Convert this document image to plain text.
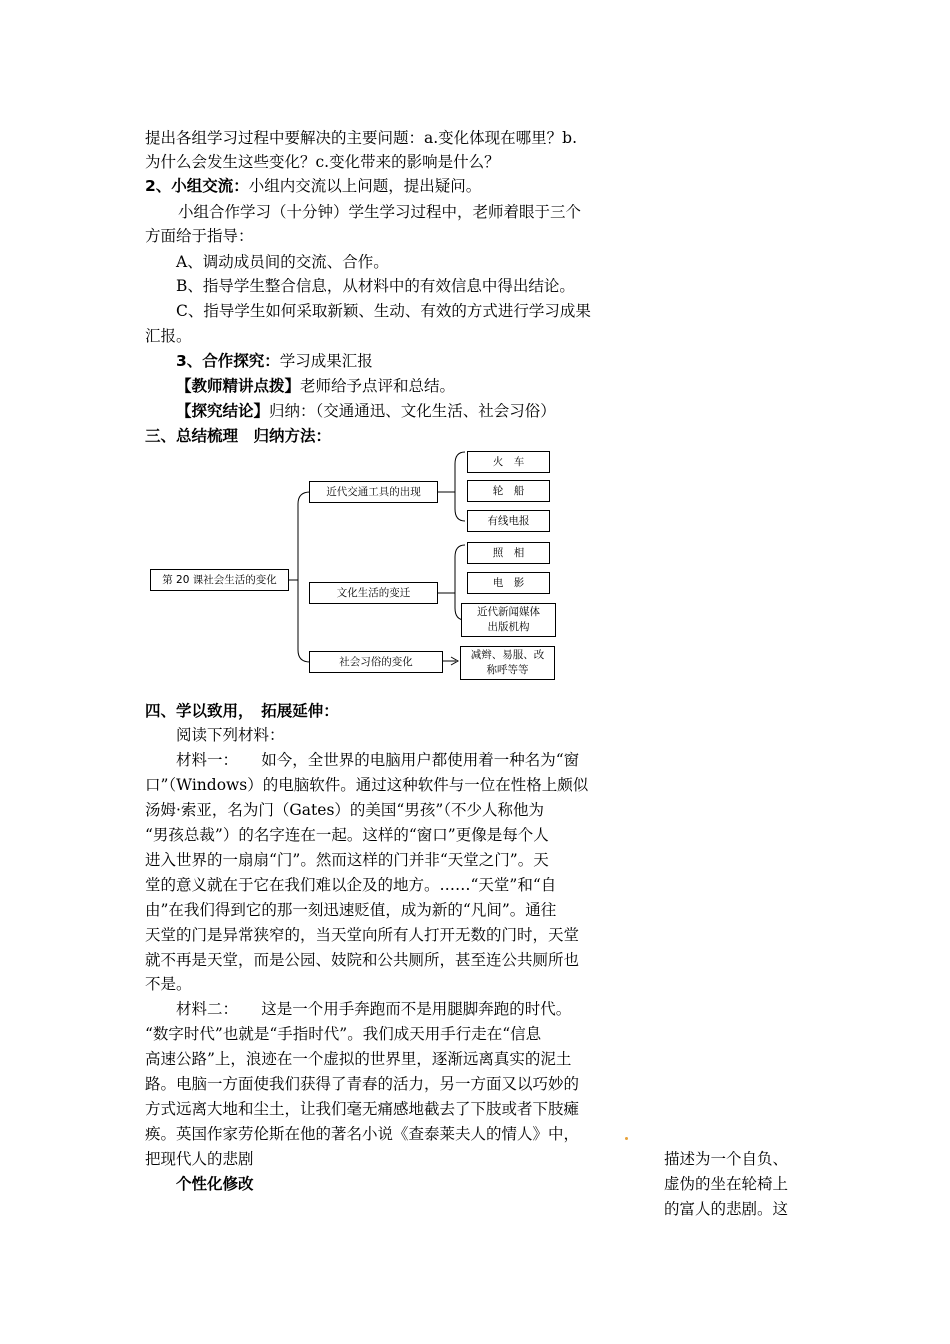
提出各组学习过程中要解决的主要问题：a.变化体现在哪里？b.
为什么会发生这些变化？c.变化带来的影响是什么？
2、小组交流：小组内交流以上问题，提出疑问。
小组合作学习（十分钟）学生学习过程中，老师着眼于三个
方面给于指导：
A、调动成员间的交流、合作。
B、指导学生整合信息，从材料中的有效信息中得出结论。
C、指导学生如何采取新颖、生动、有效的方式进行学习成果
汇报。
3、合作探究：学习成果汇报
【教师精讲点拨】老师给予点评和总结。
【探究结论】归纳：（交通通迅、文化生活、社会习俗）
三、总结梳理　归纳方法：
第 20 课社会生活的变化
近代交通工具的出现
文化生活的变迁
社会习俗的变化
火　车
轮　船
有线电报
照　相
电　影
近代新闻媒体
出版机构
减辫、易服、改
称呼等等
四、学以致用，　拓展延伸：
阅读下列材料：
材料一：　　如今，全世界的电脑用户都使用着一种名为“窗
口”（Windows）的电脑软件。通过这种软件与一位在性格上颇似
汤姆·索亚，名为门（Gates）的美国“男孩”（不少人称他为
“男孩总裁”）的名字连在一起。这样的“窗口”更像是每个人
进入世界的一扇扇“门”。然而这样的门并非“天堂之门”。天
堂的意义就在于它在我们难以企及的地方。……“天堂”和“自
由”在我们得到它的那一刻迅速贬值，成为新的“凡间”。通往
天堂的门是异常狭窄的，当天堂向所有人打开无数的门时，天堂
就不再是天堂，而是公园、妓院和公共厕所，甚至连公共厕所也
不是。
材料二：　　这是一个用手奔跑而不是用腿脚奔跑的时代。
“数字时代”也就是“手指时代”。我们成天用手行走在“信息
高速公路”上，浪迹在一个虚拟的世界里，逐渐远离真实的泥土
路。电脑一方面使我们获得了青春的活力，另一方面又以巧妙的
方式远离大地和尘土，让我们毫无痛感地截去了下肢或者下肢瘫
痪。英国作家劳伦斯在他的著名小说《查泰莱夫人的情人》中，
把现代人的悲剧
个性化修改
描述为一个自负、
虚伪的坐在轮椅上
的富人的悲剧。这
